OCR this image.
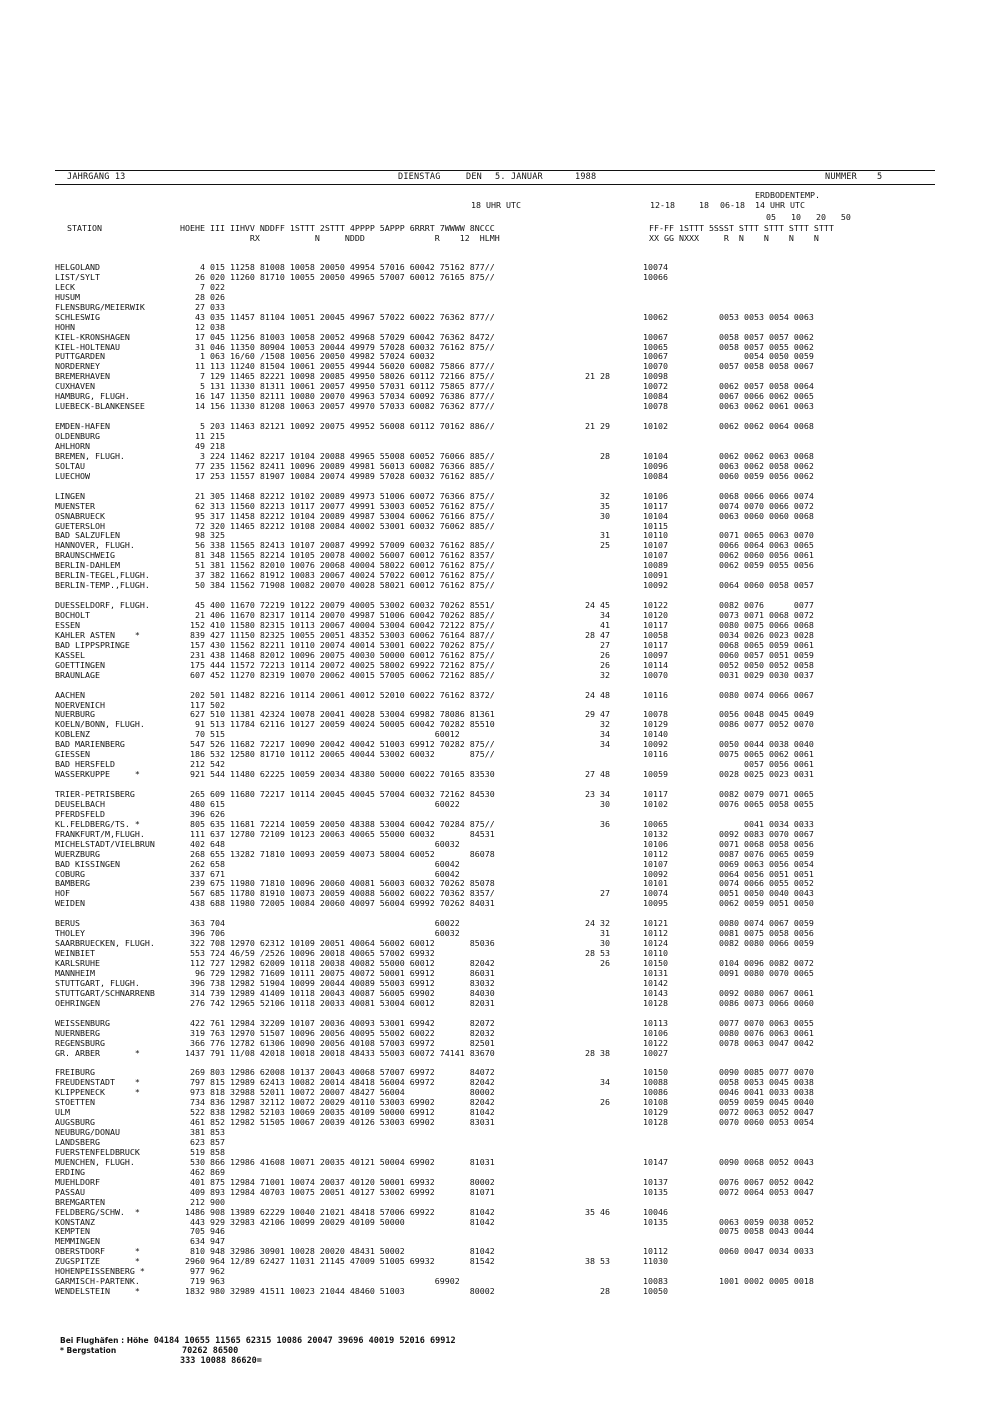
JAHRGANG 13	DIENSTAG	DEN 5. JANUAR	1988	NUMMER 5
ERDBODENTEMP.
18 UHR UTC	12-18	18 06-18 14 UHR UTC
05   10   20   50
STATION	HOEHE III IIHVV NDDFF 1STTT 2STTT 4PPPP 5APPP 6RRRT 7WWWW 8NCCC
RX           N     NDDD              R    12  HLMH
FF-FF 1STTT 5SSST STTT STTT STTT STTT
XX GG NXXX     R  N    N    N    N
HELGOLAND	4 015 11258 81008 10058 20050 49954 57016 60042 75162 877//	10074
LIST/SYLT	26 020 11260 81710 10055 20050 49965 57007 60012 76165 875//	10066
LECK	7 022
HUSUM	28 026
FLENSBURG/MEIERWIK	27 033
SCHLESWIG	43 035 11457 81104 10051 20045 49967 57022 60022 76362 877//	10062	0053 0053 0054 0063
HOHN	12 038
KIEL-KRONSHAGEN	17 045 11256 81003 10058 20052 49968 57029 60042 76362 8472/	10067	0058 0057 0057 0062
KIEL-HOLTENAU	31 046 11350 80904 10053 20044 49979 57028 60032 76162 875//	10065	0058 0057 0055 0062
PUTTGARDEN	1 063 16/60 /1508 10056 20050 49982 57024 60032	10067	0054 0050 0059
NORDERNEY	11 113 11240 81504 10061 20055 49944 56020 60082 75866 877//	10070	0057 0058 0058 0067
BREMERHAVEN	7 129 11465 82221 10098 20085 49950 58026 60112 72166 875//	21 28	10098
CUXHAVEN	5 131 11330 81311 10061 20057 49950 57031 60112 75865 877//	10072	0062 0057 0058 0064
HAMBURG, FLUGH.	16 147 11350 82111 10080 20070 49963 57034 60092 76386 877//	10084	0067 0066 0062 0065
LUEBECK-BLANKENSEE	14 156 11330 81208 10063 20057 49970 57033 60082 76362 877//	10078	0063 0062 0061 0063
EMDEN-HAFEN	5 203 11463 82121 10092 20075 49952 56008 60112 70162 886//	21 29	10102	0062 0062 0064 0068
OLDENBURG	11 215
AHLHORN	49 218
BREMEN, FLUGH.	3 224 11462 82217 10104 20088 49965 55008 60052 76066 885//	28	10104	0062 0062 0063 0068
SOLTAU	77 235 11562 82411 10096 20089 49981 56013 60082 76366 885//	10096	0063 0062 0058 0062
LUECHOW	17 253 11557 81907 10084 20074 49989 57028 60032 76162 885//	10084	0060 0059 0056 0062
LINGEN	21 305 11468 82212 10102 20089 49973 51006 60072 76366 875//	32	10106	0068 0066 0066 0074
MUENSTER	62 313 11560 82213 10117 20077 49991 53003 60052 76162 875//	35	10117	0074 0070 0066 0072
OSNABRUECK	95 317 11458 82212 10104 20089 49987 53004 60062 76166 875//	30	10104	0063 0060 0060 0068
GUETERSLOH	72 320 11465 82212 10108 20084 40002 53001 60032 76062 885//	10115
BAD SALZUFLEN	98 325	31	10110	0071 0065 0063 0070
HANNOVER, FLUGH.	56 338 11565 82413 10107 20087 49992 57009 60032 76162 885//	25	10107	0066 0064 0063 0065
BRAUNSCHWEIG	81 348 11565 82214 10105 20078 40002 56007 60012 76162 8357/	10107	0062 0060 0056 0061
BERLIN-DAHLEM	51 381 11562 82010 10076 20068 40004 58022 60012 76162 875//	10089	0062 0059 0055 0056
BERLIN-TEGEL,FLUGH.	37 382 11662 81912 10083 20067 40024 57022 60012 76162 875//	10091
BERLIN-TEMP.,FLUGH.	50 384 11562 71908 10082 20070 40028 58021 60012 76162 875//	10092	0064 0060 0058 0057
DUESSELDORF, FLUGH.	45 400 11670 72219 10122 20079 40005 53002 60032 70262 8551/	24 45	10122	0082 0076      0077
BOCHOLT	21 406 11670 82317 10114 20070 49987 51006 60042 70262 885//	34	10120	0073 0071 0068 0072
ESSEN	152 410 11580 82315 10113 20067 40004 53004 60042 72122 875//	41	10117	0080 0075 0066 0068
KAHLER ASTEN    *	839 427 11150 82325 10055 20051 48352 53003 60062 76164 887//	28 47	10058	0034 0026 0023 0028
BAD LIPPSPRINGE	157 430 11562 82211 10110 20074 40014 53001 60022 70262 875//	27	10117	0068 0065 0059 0061
KASSEL	231 438 11468 82012 10096 20075 40030 50000 60012 76162 875//	26	10097	0060 0057 0051 0059
GOETTINGEN	175 444 11572 72213 10114 20072 40025 58002 69922 72162 875//	26	10114	0052 0050 0052 0058
BRAUNLAGE	607 452 11270 82319 10070 20062 40015 57005 60062 72162 885//	32	10070	0031 0029 0030 0037
AACHEN	202 501 11482 82216 10114 20061 40012 52010 60022 76162 8372/	24 48	10116	0080 0074 0066 0067
NOERVENICH	117 502
NUERBURG	627 510 11381 42324 10078 20041 40028 53004 69982 78086 81361	29 47	10078	0056 0048 0045 0049
KOELN/BONN, FLUGH.	91 513 11784 62116 10127 20059 40024 50005 60042 70282 85510	32	10129	0086 0077 0052 0070
KOBLENZ	70 515                                          60012	34	10140
BAD MARIENBERG	547 526 11682 72217 10090 20042 40042 51003 69912 70282 875//	34	10092	0050 0044 0038 0040
GIESSEN	186 532 12580 81710 10112 20065 40044 53002 60032       875//	10116	0075 0065 0062 0061
BAD HERSFELD	212 542	0057 0056 0061
WASSERKUPPE     *	921 544 11480 62225 10059 20034 48380 50000 60022 70165 83530	27 48	10059	0028 0025 0023 0031
TRIER-PETRISBERG	265 609 11680 72217 10114 20045 40045 57004 60032 72162 84530	23 34	10117	0082 0079 0071 0065
DEUSELBACH	480 615                                          60022	30	10102	0076 0065 0058 0055
PFERDSFELD	396 626
KL.FELDBERG/TS. *	805 635 11681 72214 10059 20050 48388 53004 60042 70284 875//	36	10065	0041 0034 0033
FRANKFURT/M,FLUGH.	111 637 12780 72109 10123 20063 40065 55000 60032       84531	10132	0092 0083 0070 0067
MICHELSTADT/VIELBRUN	402 648                                          60032	10106	0071 0068 0058 0056
WUERZBURG	268 655 13282 71810 10093 20059 40073 58004 60052       86078	10112	0087 0076 0065 0059
BAD KISSINGEN	262 658                                          60042	10107	0069 0063 0056 0054
COBURG	337 671                                          60042	10092	0064 0056 0051 0051
BAMBERG	239 675 11980 71810 10096 20060 40081 56003 60032 70262 85078	10101	0074 0066 0055 0052
HOF	567 685 11780 81910 10073 20059 40088 56002 60022 70362 8357/	27	10074	0051 0050 0040 0043
WEIDEN	438 688 11980 72005 10084 20060 40097 56004 69992 70262 84031	10095	0062 0059 0051 0050
BERUS	363 704                                          60022	24 32	10121	0080 0074 0067 0059
THOLEY	396 706                                          60032	31	10112	0081 0075 0058 0056
SAARBRUECKEN, FLUGH.	322 708 12970 62312 10109 20051 40064 56002 60012       85036	30	10124	0082 0080 0066 0059
WEINBIET	553 724 46/59 /2526 10096 20018 40065 57002 69932	28 53	10110
KARLSRUHE	112 727 12982 62009 10118 20038 40082 55000 60012       82042	26	10150	0104 0096 0082 0072
MANNHEIM	96 729 12982 71609 10111 20075 40072 50001 69912       86031	10131	0091 0080 0070 0065
STUTTGART, FLUGH.	396 738 12982 51904 10099 20044 40089 55003 69912       83032	10142
STUTTGART/SCHNARRENB	314 739 12989 41409 10118 20043 40087 56005 69902       84030	10143	0092 0080 0067 0061
OEHRINGEN	276 742 12965 52106 10118 20033 40081 53004 60012       82031	10128	0086 0073 0066 0060
WEISSENBURG	422 761 12984 32209 10107 20036 40093 53001 69942       82072	10113	0077 0070 0063 0055
NUERNBERG	319 763 12970 51507 10096 20056 40095 55002 60022       82032	10106	0080 0076 0063 0061
REGENSBURG	366 776 12782 61306 10090 20056 40108 57003 69972       82501	10122	0078 0063 0047 0042
GR. ARBER       *	1437 791 11/08 42018 10018 20018 48433 55003 60072 74141 83670	28 38	10027
FREIBURG	269 803 12986 62008 10137 20043 40068 57007 69972       84072	10150	0090 0085 0077 0070
FREUDENSTADT    *	797 815 12989 62413 10082 20014 48418 56004 69972       82042	34	10088	0058 0053 0045 0038
KLIPPENECK      *	973 818 32988 52011 10072 20007 48427 56004             80002	10086	0046 0041 0033 0038
STOETTEN	734 836 12987 32112 10072 20029 40110 53003 69902       82042	26	10108	0059 0059 0045 0040
ULM	522 838 12982 52103 10069 20035 40109 50000 69912       81042	10129	0072 0063 0052 0047
AUGSBURG	461 852 12982 51505 10067 20039 40126 53003 69902       83031	10128	0070 0060 0053 0054
NEUBURG/DONAU	381 853
LANDSBERG	623 857
FUERSTENFELDBRUCK	519 858
MUENCHEN, FLUGH.	530 866 12986 41608 10071 20035 40121 50004 69902       81031	10147	0090 0068 0052 0043
ERDING	462 869
MUEHLDORF	401 875 12984 71001 10074 20037 40120 50001 69932       80002	10137	0076 0067 0052 0042
PASSAU	409 893 12984 40703 10075 20051 40127 53002 69992       81071	10135	0072 0064 0053 0047
BREMGARTEN	212 900
FELDBERG/SCHW.  *	1486 908 13989 62229 10040 21021 48418 57006 69922       81042	35 46	10046
KONSTANZ	443 929 32983 42106 10099 20029 40109 50000             81042	10135	0063 0059 0038 0052
KEMPTEN	705 946	0075 0058 0043 0044
MEMMINGEN	634 947
OBERSTDORF      *	810 948 32986 30901 10028 20020 48431 50002             81042	10112	0060 0047 0034 0033
ZUGSPITZE       *	2960 964 12/89 62427 11031 21145 47009 51005 69932       81542	38 53	11030
HOHENPEISSENBERG *	977 962
GARMISCH-PARTENK.	719 963                                          69902	10083	1001 0002 0005 0018
WENDELSTEIN     *	1832 980 32989 41511 10023 21044 48460 51003             80002	28	10050
Bei Flughäfen : Höhe 04184 10655 11565 62315 10086 20047 39696 40019 52016 69912
* Bergstation	70262 86500
333 10088 86620=
